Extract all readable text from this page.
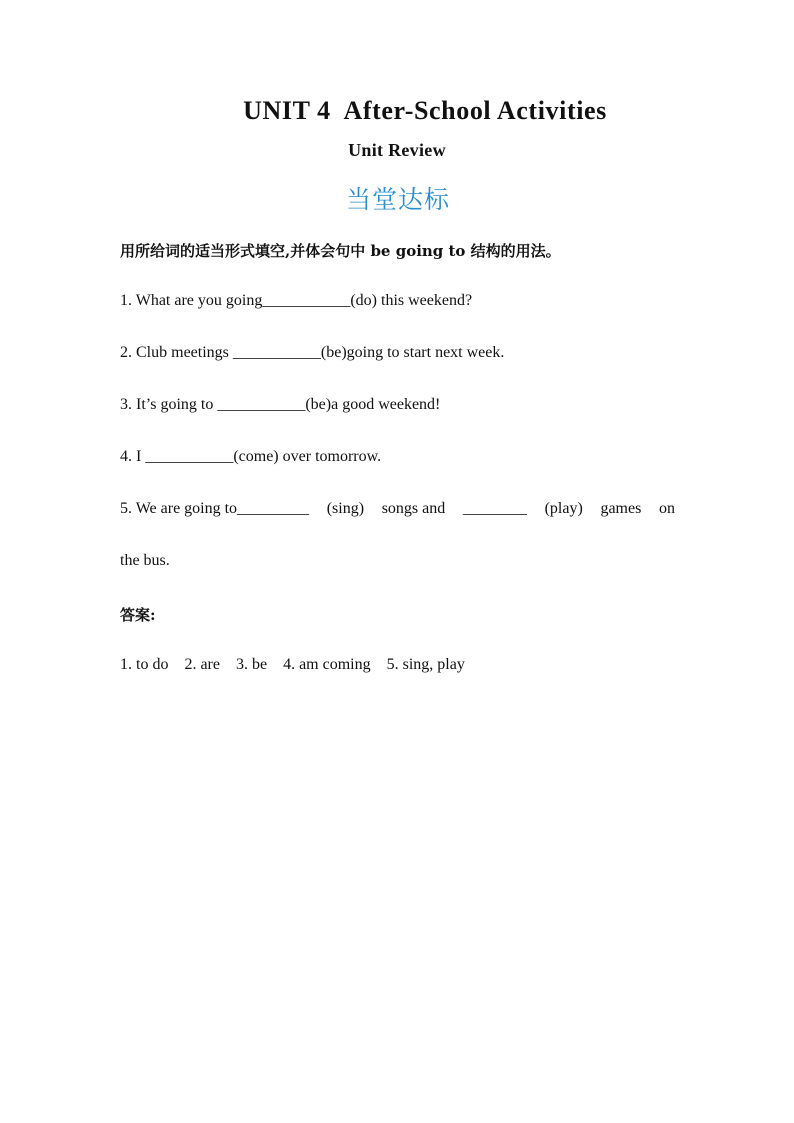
UNIT 4  After-School Activities
Unit Review
当堂达标
用所给词的适当形式填空,并体会句中 be going to 结构的用法。
1. What are you going___________(do) this weekend?
2. Club meetings ___________(be)going to start next week.
3. It’s going to ___________(be)a good weekend!
4. I ___________(come) over tomorrow.
5. We are going to_________ (sing) songs and ________ (play) games on
the bus.
答案:
1. to do    2. are    3. be    4. am coming    5. sing, play
